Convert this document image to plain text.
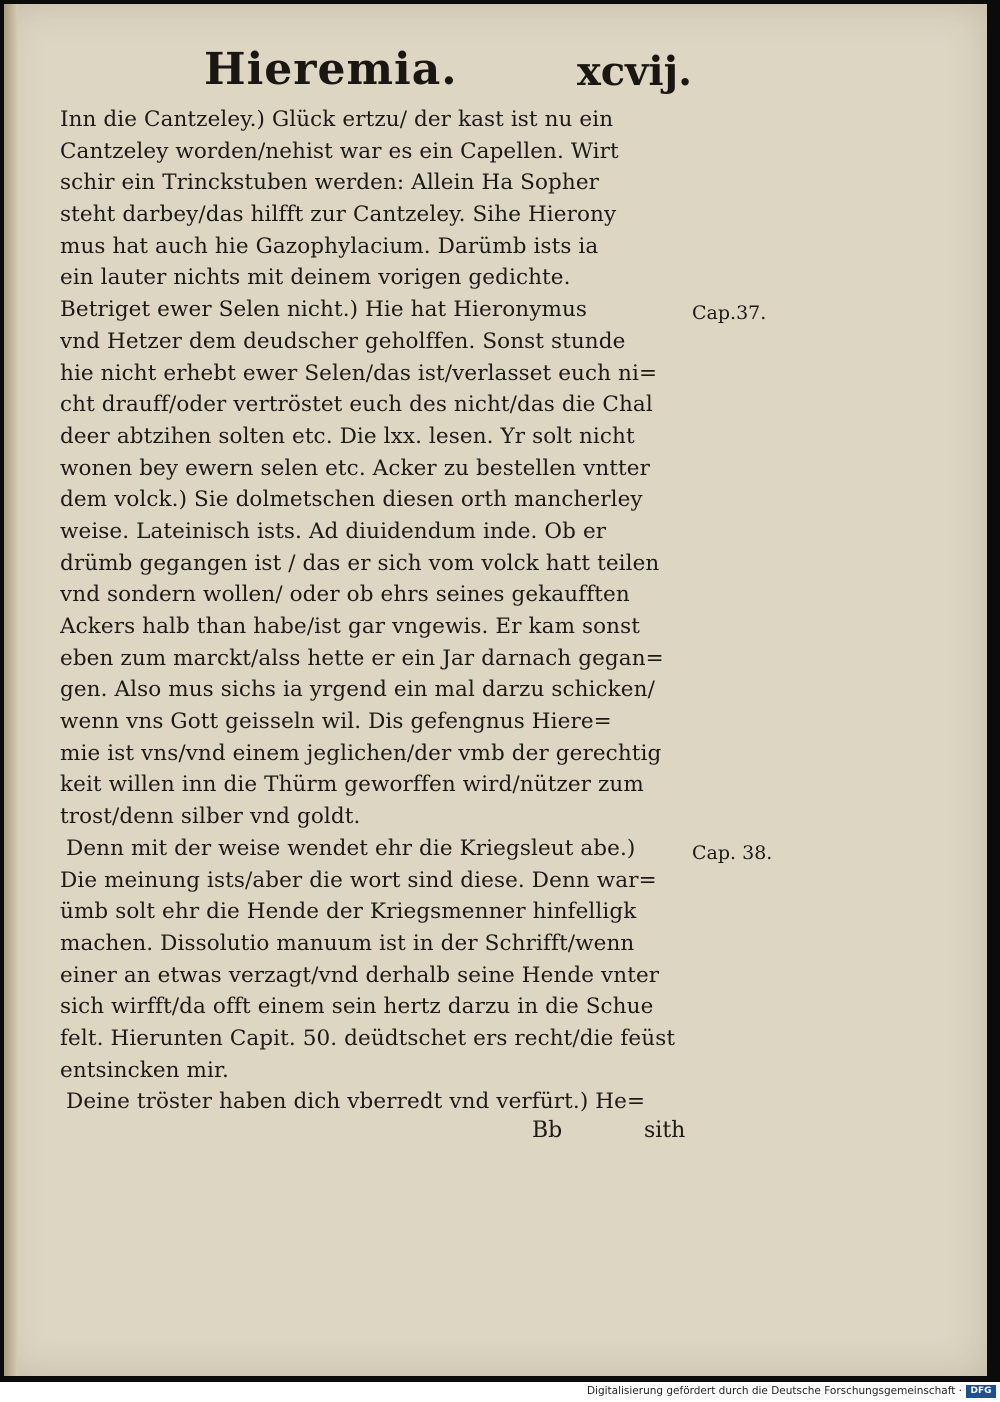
Hieremia.	xcvij.
Inn die Cantzeley.) Glück ertzu/ der kast ist nu ein
Cantzeley worden/nehist war es ein Capellen. Wirt
schir ein Trinckstuben werden: Allein Ha Sopher
steht darbey/das hilfft zur Cantzeley. Sihe Hierony
mus hat auch hie Gazophylacium. Darümb ists ia
ein lauter nichts mit deinem vorigen gedichte.
Betriget ewer Selen nicht.) Hie hat Hieronymus
vnd Hetzer dem deudscher geholffen. Sonst stunde
hie nicht erhebt ewer Selen/das ist/verlasset euch ni=
cht drauff/oder vertröstet euch des nicht/das die Chal
deer abtzihen solten etc. Die lxx. lesen. Yr solt nicht
wonen bey ewern selen etc. Acker zu bestellen vntter
dem volck.) Sie dolmetschen diesen orth mancherley
weise. Lateinisch ists. Ad diuidendum inde. Ob er
drümb gegangen ist / das er sich vom volck hatt teilen
vnd sondern wollen/ oder ob ehrs seines gekaufften
Ackers halb than habe/ist gar vngewis. Er kam sonst
eben zum marckt/alss hette er ein Jar darnach gegan=
gen. Also mus sichs ia yrgend ein mal darzu schicken/
wenn vns Gott geisseln wil. Dis gefengnus Hiere=
mie ist vns/vnd einem jeglichen/der vmb der gerechtig
keit willen inn die Thürm geworffen wird/nützer zum
trost/denn silber vnd goldt.
Denn mit der weise wendet ehr die Kriegsleut abe.)
Die meinung ists/aber die wort sind diese. Denn war=
ümb solt ehr die Hende der Kriegsmenner hinfelligk
machen. Dissolutio manuum ist in der Schrifft/wenn
einer an etwas verzagt/vnd derhalb seine Hende vnter
sich wirfft/da offt einem sein hertz darzu in die Schue
felt. Hierunten Capit. 50. deüdtschet ers recht/die feüst
entsincken mir.
Deine tröster haben dich vberredt vnd verfürt.) He=
Cap.37.
Cap. 38.
Bb	sith
Digitalisierung gefördert durch die Deutsche Forschungsgemeinschaft · DFG
